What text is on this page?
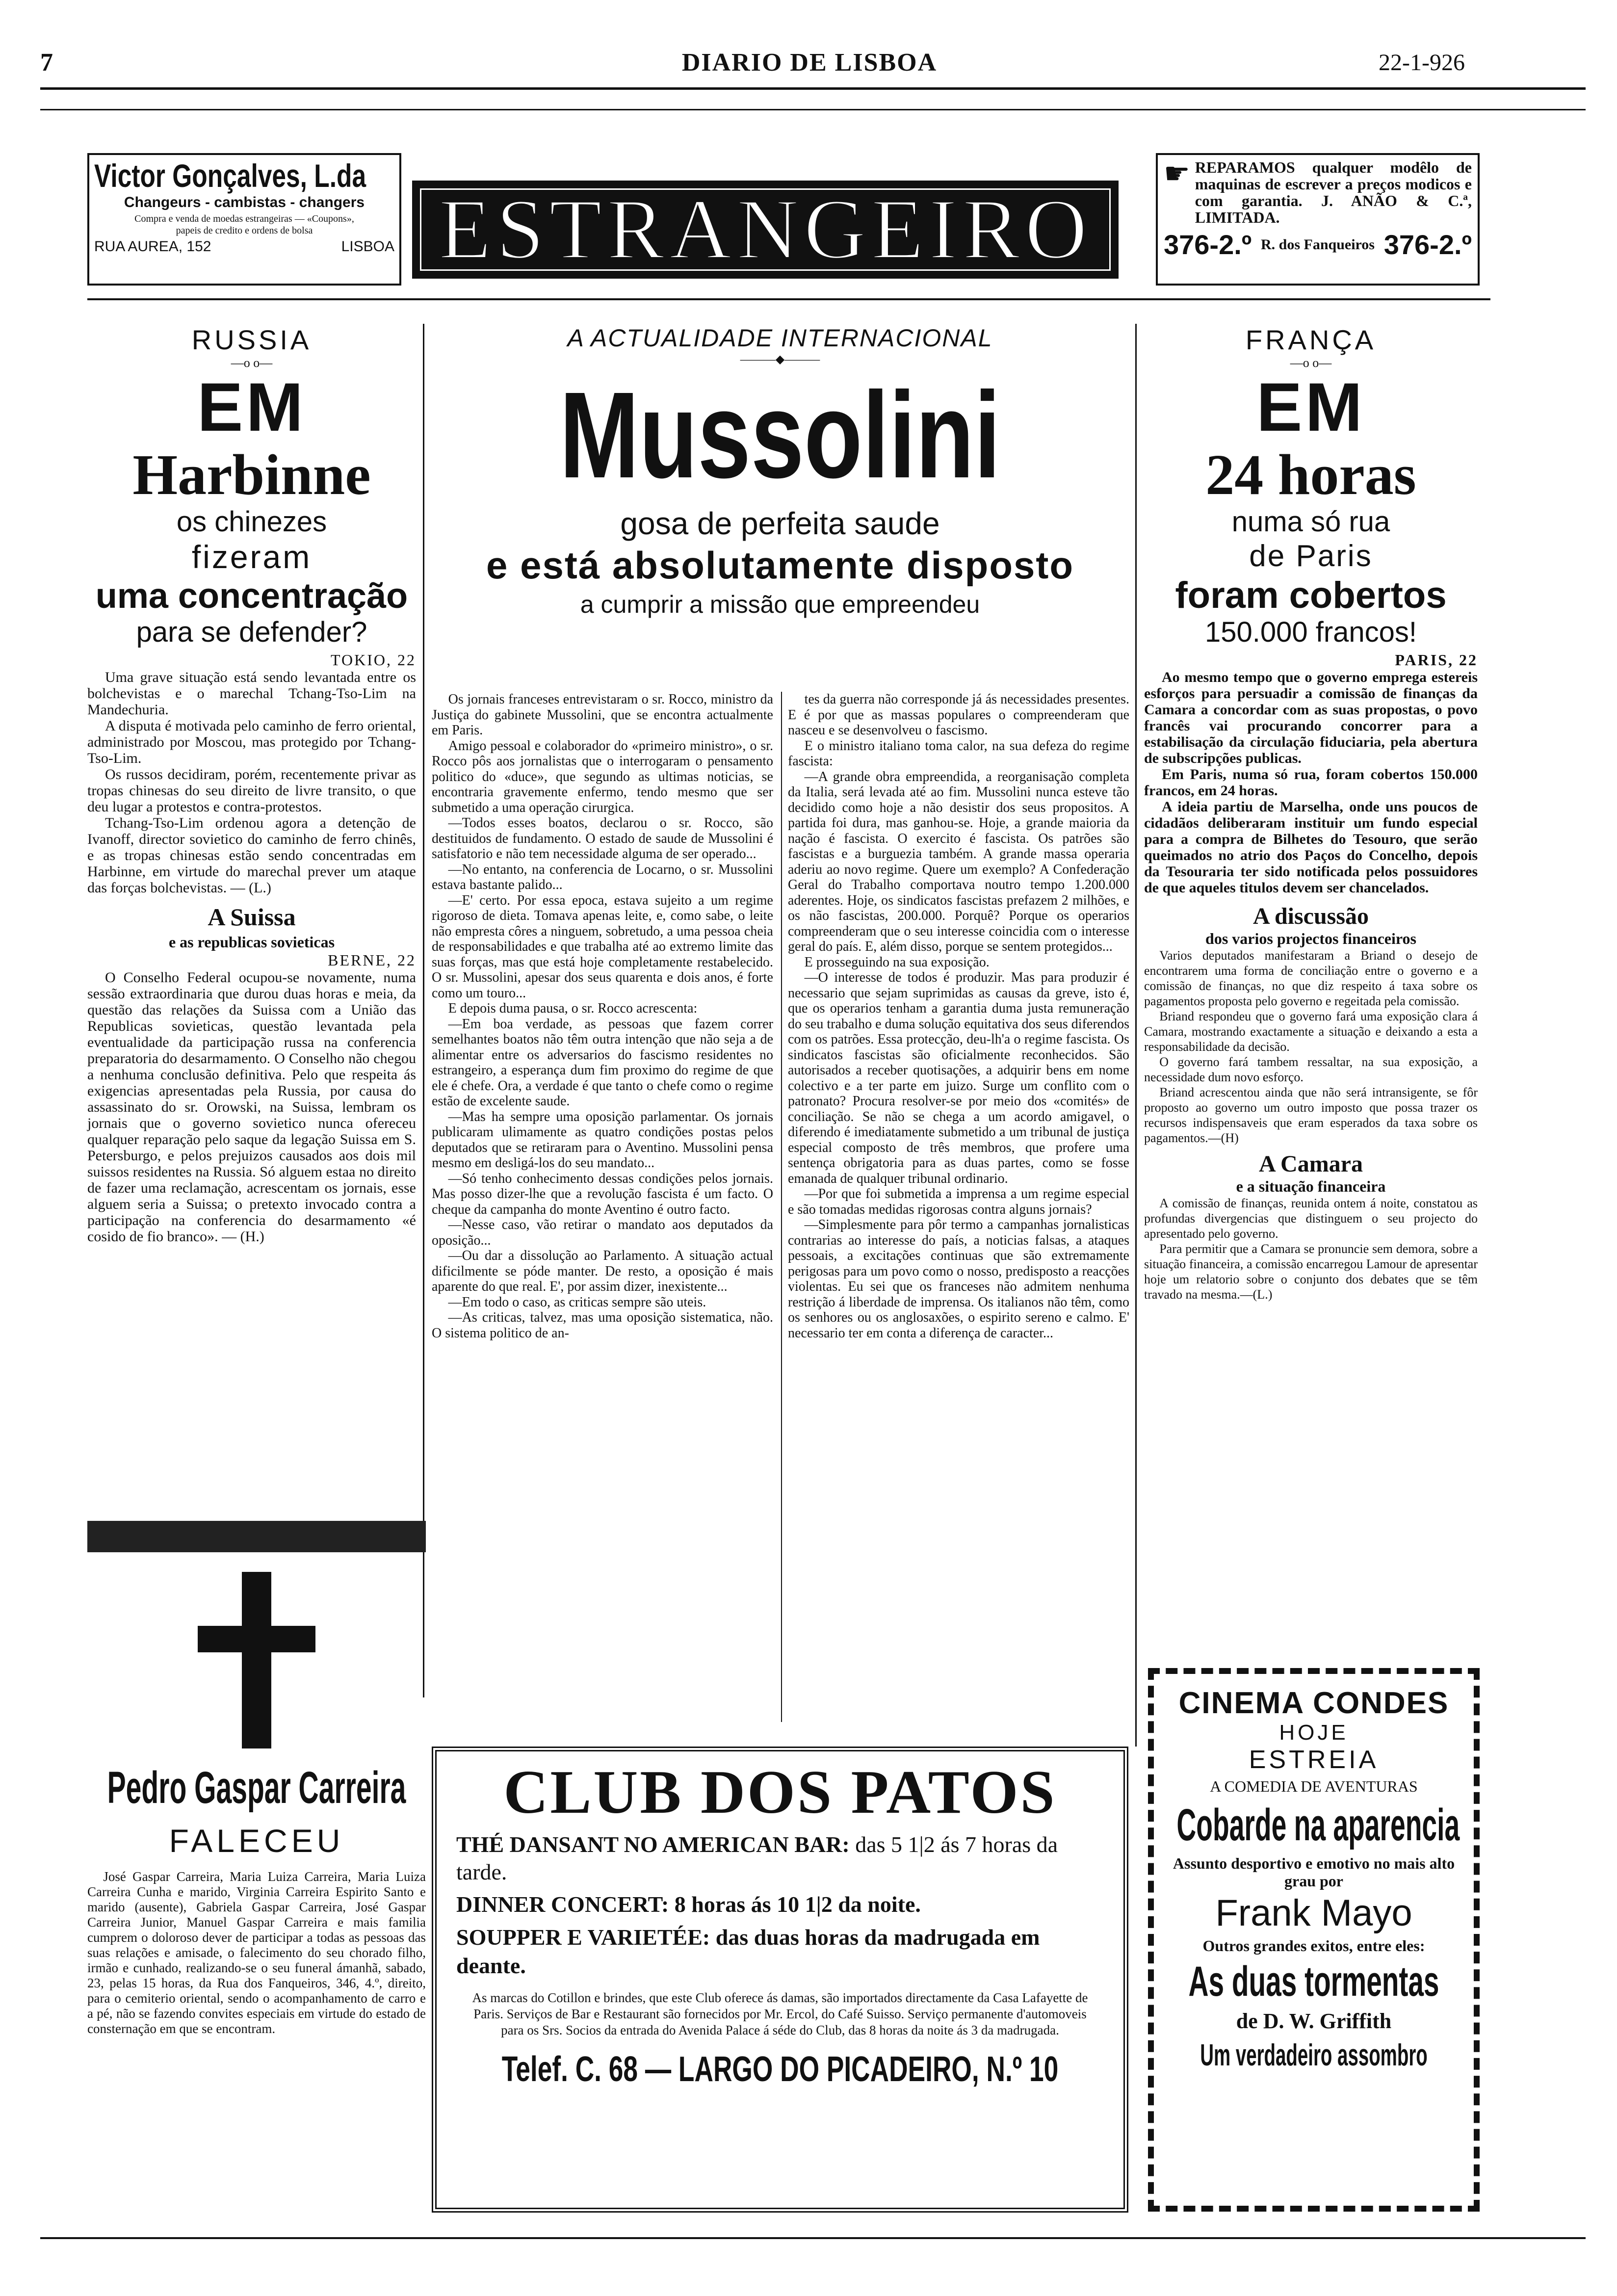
7	DIARIO DE LISBOA	22-1-926
Victor Gonçalves, L.da
Changeurs - cambistas - changers
Compra e venda de moedas estrangeiras — «Coupons», papeis de credito e ordens de bolsa
RUA AUREA, 152	LISBOA ESTRANGEIRO
☛ REPARAMOS qualquer modêlo de maquinas de escrever a preços modicos e com garantia. J. ANÃO & C.ª, LIMITADA.
376-2.º R. dos Fanqueiros 376-2.º
RUSSIA
—o o—
EM
Harbinne
os chinezes
fizeram
uma concentração
para se defender?
TOKIO, 22

Uma grave situação está sendo levantada entre os bolchevistas e o marechal Tchang-Tso-Lim na Mandechuria.

A disputa é motivada pelo caminho de ferro oriental, administrado por Moscou, mas protegido por Tchang-Tso-Lim.

Os russos decidiram, porém, recentemente privar as tropas chinesas do seu direito de livre transito, o que deu lugar a protestos e contra-protestos.

Tchang-Tso-Lim ordenou agora a detenção de Ivanoff, director sovietico do caminho de ferro chinês, e as tropas chinesas estão sendo concentradas em Harbinne, em virtude do marechal prever um ataque das forças bolchevistas. — (L.)

A Suissa
e as republicas sovieticas
BERNE, 22

O Conselho Federal ocupou-se novamente, numa sessão extraordinaria que durou duas horas e meia, da questão das relações da Suissa com a União das Republicas sovieticas, questão levantada pela eventualidade da participação russa na conferencia preparatoria do desarmamento. O Conselho não chegou a nenhuma conclusão definitiva. Pelo que respeita ás exigencias apresentadas pela Russia, por causa do assassinato do sr. Orowski, na Suissa, lembram os jornais que o governo sovietico nunca ofereceu qualquer reparação pelo saque da legação Suissa em S. Petersburgo, e pelos prejuizos causados aos dois mil suissos residentes na Russia. Só alguem estaa no direito de fazer uma reclamação, acrescentam os jornais, esse alguem seria a Suissa; o pretexto invocado contra a participação na conferencia do desarmamento «é cosido de fio branco». — (H.)

Pedro Gaspar Carreira
FALECEU
José Gaspar Carreira, Maria Luiza Carreira, Maria Luiza Carreira Cunha e marido, Virginia Carreira Espirito Santo e marido (ausente), Gabriela Gaspar Carreira, José Gaspar Carreira Junior, Manuel Gaspar Carreira e mais familia cumprem o doloroso dever de participar a todas as pessoas das suas relações e amisade, o falecimento do seu chorado filho, irmão e cunhado, realizando-se o seu funeral ámanhã, sabado, 23, pelas 15 horas, da Rua dos Fanqueiros, 346, 4.º, direito, para o cemiterio oriental, sendo o acompanhamento de carro e a pé, não se fazendo convites especiais em virtude do estado de consternação em que se encontram.
A ACTUALIDADE INTERNACIONAL
———◆———
Mussolini
gosa de perfeita saude
e está absolutamente disposto
a cumprir a missão que empreendeu

Os jornais franceses entrevistaram o sr. Rocco, ministro da Justiça do gabinete Mussolini, que se encontra actualmente em Paris.

Amigo pessoal e colaborador do «primeiro ministro», o sr. Rocco pôs aos jornalistas que o interrogaram o pensamento politico do «duce», que segundo as ultimas noticias, se encontraria gravemente enfermo, tendo mesmo que ser submetido a uma operação cirurgica.

—Todos esses boatos, declarou o sr. Rocco, são destituidos de fundamento. O estado de saude de Mussolini é satisfatorio e não tem necessidade alguma de ser operado...

—No entanto, na conferencia de Locarno, o sr. Mussolini estava bastante palido...

—E' certo. Por essa epoca, estava sujeito a um regime rigoroso de dieta. Tomava apenas leite, e, como sabe, o leite não empresta côres a ninguem, sobretudo, a uma pessoa cheia de responsabilidades e que trabalha até ao extremo limite das suas forças, mas que está hoje completamente restabelecido. O sr. Mussolini, apesar dos seus quarenta e dois anos, é forte como um touro...

E depois duma pausa, o sr. Rocco acrescenta:

—Em boa verdade, as pessoas que fazem correr semelhantes boatos não têm outra intenção que não seja a de alimentar entre os adversarios do fascismo residentes no estrangeiro, a esperança dum fim proximo do regime de que ele é chefe. Ora, a verdade é que tanto o chefe como o regime estão de excelente saude.

—Mas ha sempre uma oposição parlamentar. Os jornais publicaram ulimamente as quatro condições postas pelos deputados que se retiraram para o Aventino. Mussolini pensa mesmo em desligá-los do seu mandato...

—Só tenho conhecimento dessas condições pelos jornais. Mas posso dizer-lhe que a revolução fascista é um facto. O cheque da campanha do monte Aventino é outro facto.

—Nesse caso, vão retirar o mandato aos deputados da oposição...

—Ou dar a dissolução ao Parlamento. A situação actual dificilmente se póde manter. De resto, a oposição é mais aparente do que real. E', por assim dizer, inexistente...

—Em todo o caso, as criticas sempre são uteis.

—As criticas, talvez, mas uma oposição sistematica, não. O sistema politico de an-

tes da guerra não corresponde já ás necessidades presentes. E é por que as massas populares o compreenderam que nasceu e se desenvolveu o fascismo.

E o ministro italiano toma calor, na sua defeza do regime fascista:

—A grande obra empreendida, a reorganisação completa da Italia, será levada até ao fim. Mussolini nunca esteve tão decidido como hoje a não desistir dos seus propositos. A partida foi dura, mas ganhou-se. Hoje, a grande maioria da nação é fascista. O exercito é fascista. Os patrões são fascistas e a burguezia também. A grande massa operaria aderiu ao novo regime. Quere um exemplo? A Confederação Geral do Trabalho comportava noutro tempo 1.200.000 aderentes. Hoje, os sindicatos fascistas prefazem 2 milhões, e os não fascistas, 200.000. Porquê? Porque os operarios compreenderam que o seu interesse coincidia com o interesse geral do país. E, além disso, porque se sentem protegidos...

E prosseguindo na sua exposição.

—O interesse de todos é produzir. Mas para produzir é necessario que sejam suprimidas as causas da greve, isto é, que os operarios tenham a garantia duma justa remuneração do seu trabalho e duma solução equitativa dos seus diferendos com os patrões. Essa protecção, deu-lh'a o regime fascista. Os sindicatos fascistas são oficialmente reconhecidos. São autorisados a receber quotisações, a adquirir bens em nome colectivo e a ter parte em juizo. Surge um conflito com o patronato? Procura resolver-se por meio dos «comités» de conciliação. Se não se chega a um acordo amigavel, o diferendo é imediatamente submetido a um tribunal de justiça especial composto de três membros, que profere uma sentença obrigatoria para as duas partes, como se fosse emanada de qualquer tribunal ordinario.

—Por que foi submetida a imprensa a um regime especial e são tomadas medidas rigorosas contra alguns jornais?

—Simplesmente para pôr termo a campanhas jornalisticas contrarias ao interesse do país, a noticias falsas, a ataques pessoais, a excitações continuas que são extremamente perigosas para um povo como o nosso, predisposto a reacções violentas. Eu sei que os franceses não admitem nenhuma restrição á liberdade de imprensa. Os italianos não têm, como os senhores ou os anglosaxões, o espirito sereno e calmo. E' necessario ter em conta a diferença de caracter...

CLUB DOS PATOS
THÉ DANSANT NO AMERICAN BAR: das 5 1|2 ás 7 horas da tarde.
DINNER CONCERT: 8 horas ás 10 1|2 da noite.
SOUPPER E VARIETÉE: das duas horas da madrugada em deante.
As marcas do Cotillon e brindes, que este Club oferece ás damas, são importados directamente da Casa Lafayette de Paris. Serviços de Bar e Restaurant são fornecidos por Mr. Ercol, do Café Suisso. Serviço permanente d'automoveis para os Srs. Socios da entrada do Avenida Palace á séde do Club, das 8 horas da noite ás 3 da madrugada.
Telef. C. 68 — LARGO DO PICADEIRO, N.º 10
FRANÇA
—o o—
EM
24 horas
numa só rua
de Paris
foram cobertos
150.000 francos!
PARIS, 22

Ao mesmo tempo que o governo emprega estereis esforços para persuadir a comissão de finanças da Camara a concordar com as suas propostas, o povo francês vai procurando concorrer para a estabilisação da circulação fiduciaria, pela abertura de subscripções publicas.

Em Paris, numa só rua, foram cobertos 150.000 francos, em 24 horas.

A ideia partiu de Marselha, onde uns poucos de cidadãos deliberaram instituir um fundo especial para a compra de Bilhetes do Tesouro, que serão queimados no atrio dos Paços do Concelho, depois da Tesouraria ter sido notificada pelos possuidores de que aqueles titulos devem ser chancelados.

A discussão
dos varios projectos financeiros

Varios deputados manifestaram a Briand o desejo de encontrarem uma forma de conciliação entre o governo e a comissão de finanças, no que diz respeito á taxa sobre os pagamentos proposta pelo governo e regeitada pela comissão.

Briand respondeu que o governo fará uma exposição clara á Camara, mostrando exactamente a situação e deixando a esta a responsabilidade da decisão.

O governo fará tambem ressaltar, na sua exposição, a necessidade dum novo esforço.

Briand acrescentou ainda que não será intransigente, se fôr proposto ao governo um outro imposto que possa trazer os recursos indispensaveis que eram esperados da taxa sobre os pagamentos.—(H)

A Camara
e a situação financeira

A comissão de finanças, reunida ontem á noite, constatou as profundas divergencias que distinguem o seu projecto do apresentado pelo governo.

Para permitir que a Camara se pronuncie sem demora, sobre a situação financeira, a comissão encarregou Lamour de apresentar hoje um relatorio sobre o conjunto dos debates que se têm travado na mesma.—(L.)

CINEMA CONDES
HOJE
ESTREIA
A COMEDIA DE AVENTURAS
Cobarde na aparencia
Assunto desportivo e emotivo no mais alto grau por
Frank Mayo
Outros grandes exitos, entre eles:
As duas tormentas
de D. W. Griffith
Um verdadeiro assombro
